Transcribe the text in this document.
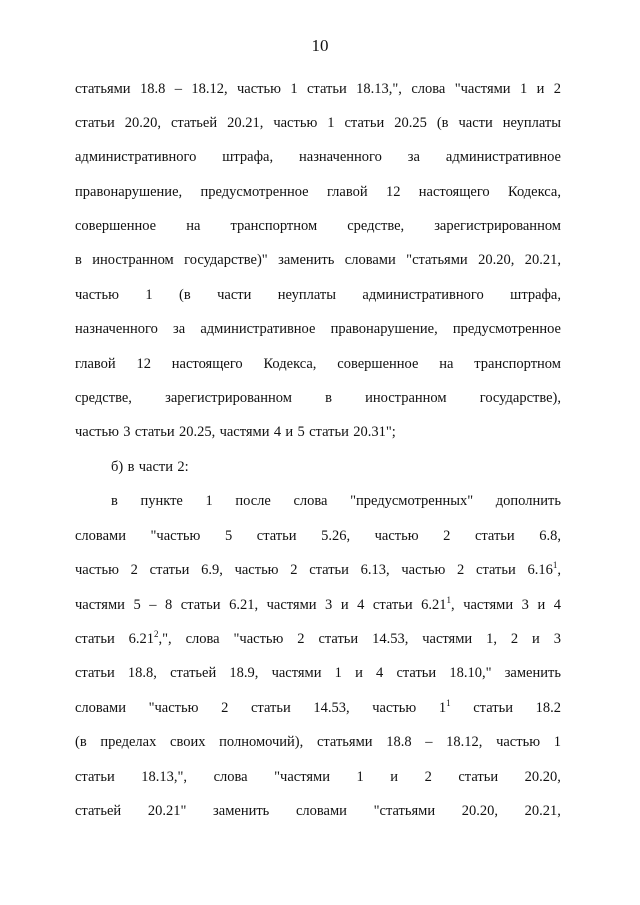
10
статьями 18.8 – 18.12, частью 1 статьи 18.13,", слова "частями 1 и 2
статьи 20.20, статьей 20.21, частью 1 статьи 20.25 (в части неуплаты
административного штрафа, назначенного за административное
правонарушение, предусмотренное главой 12 настоящего Кодекса,
совершенное на транспортном средстве, зарегистрированном
в иностранном государстве)" заменить словами "статьями 20.20, 20.21,
частью 1 (в части неуплаты административного штрафа,
назначенного за административное правонарушение, предусмотренное
главой 12 настоящего Кодекса, совершенное на транспортном
средстве, зарегистрированном в иностранном государстве),
частью 3 статьи 20.25, частями 4 и 5 статьи 20.31";
б) в части 2:
в пункте 1 после слова "предусмотренных" дополнить
словами "частью 5 статьи 5.26, частью 2 статьи 6.8,
частью 2 статьи 6.9, частью 2 статьи 6.13, частью 2 статьи 6.16$^1$,
частями 5 – 8 статьи 6.21, частями 3 и 4 статьи 6.21$^1$, частями 3 и 4
статьи 6.21$^2$,", слова "частью 2 статьи 14.53, частями 1, 2 и 3
статьи 18.8, статьей 18.9, частями 1 и 4 статьи 18.10," заменить
словами "частью 2 статьи 14.53, частью $1^1$ статьи 18.2
(в пределах своих полномочий), статьями 18.8 – 18.12, частью 1
статьи 18.13,", слова "частями 1 и 2 статьи 20.20,
статьей 20.21" заменить словами "статьями 20.20, 20.21,
